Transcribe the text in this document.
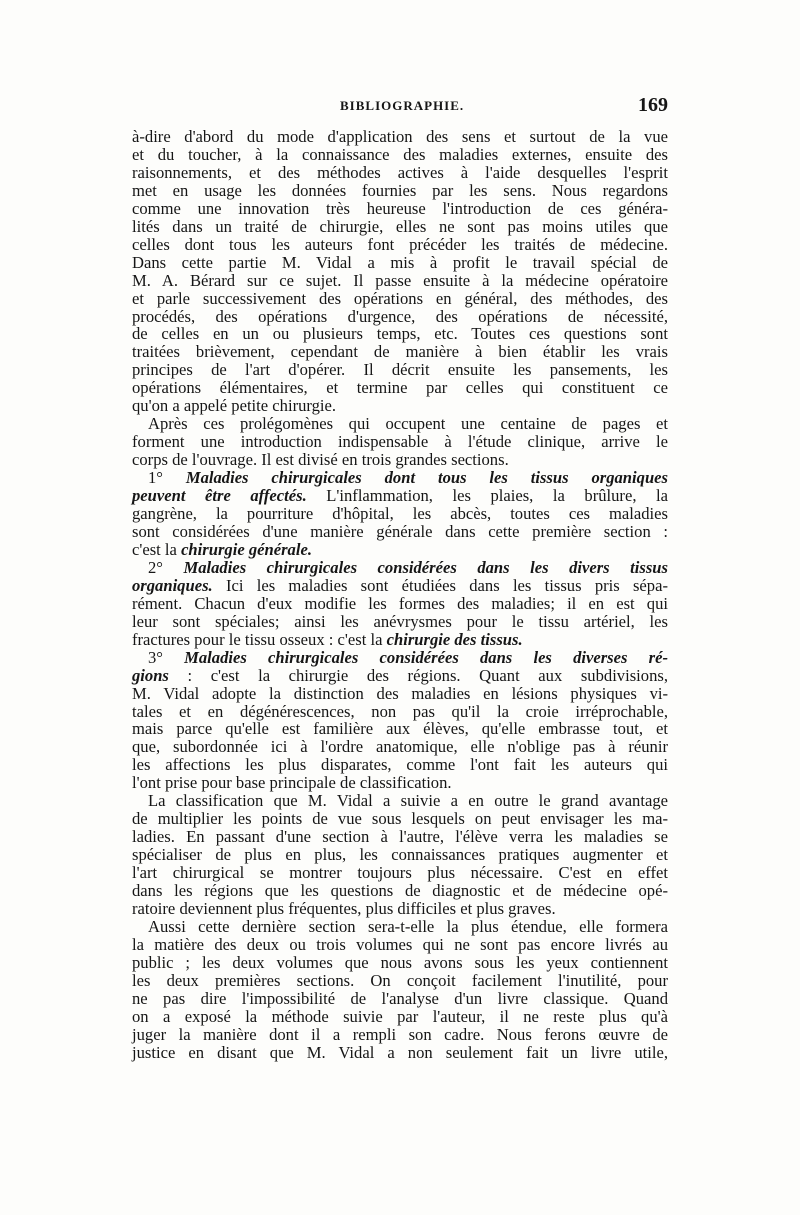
BIBLIOGRAPHIE.	169
à-dire d'abord du mode d'application des sens et surtout de la vue
et du toucher, à la connaissance des maladies externes, ensuite des
raisonnements, et des méthodes actives à l'aide desquelles l'esprit
met en usage les données fournies par les sens. Nous regardons
comme une innovation très heureuse l'introduction de ces généra-
lités dans un traité de chirurgie, elles ne sont pas moins utiles que
celles dont tous les auteurs font précéder les traités de médecine.
Dans cette partie M. Vidal a mis à profit le travail spécial de
M. A. Bérard sur ce sujet. Il passe ensuite à la médecine opératoire
et parle successivement des opérations en général, des méthodes, des
procédés, des opérations d'urgence, des opérations de nécessité,
de celles en un ou plusieurs temps, etc. Toutes ces questions sont
traitées brièvement, cependant de manière à bien établir les vrais
principes de l'art d'opérer. Il décrit ensuite les pansements, les
opérations élémentaires, et termine par celles qui constituent ce
qu'on a appelé petite chirurgie.
Après ces prolégomènes qui occupent une centaine de pages et
forment une introduction indispensable à l'étude clinique, arrive le
corps de l'ouvrage. Il est divisé en trois grandes sections.
1° Maladies chirurgicales dont tous les tissus organiques
peuvent être affectés. L'inflammation, les plaies, la brûlure, la
gangrène, la pourriture d'hôpital, les abcès, toutes ces maladies
sont considérées d'une manière générale dans cette première section :
c'est la chirurgie générale.
2° Maladies chirurgicales considérées dans les divers tissus
organiques. Ici les maladies sont étudiées dans les tissus pris sépa-
rément. Chacun d'eux modifie les formes des maladies; il en est qui
leur sont spéciales; ainsi les anévrysmes pour le tissu artériel, les
fractures pour le tissu osseux : c'est la chirurgie des tissus.
3° Maladies chirurgicales considérées dans les diverses ré-
gions : c'est la chirurgie des régions. Quant aux subdivisions,
M. Vidal adopte la distinction des maladies en lésions physiques vi-
tales et en dégénérescences, non pas qu'il la croie irréprochable,
mais parce qu'elle est familière aux élèves, qu'elle embrasse tout, et
que, subordonnée ici à l'ordre anatomique, elle n'oblige pas à réunir
les affections les plus disparates, comme l'ont fait les auteurs qui
l'ont prise pour base principale de classification.
La classification que M. Vidal a suivie a en outre le grand avantage
de multiplier les points de vue sous lesquels on peut envisager les ma-
ladies. En passant d'une section à l'autre, l'élève verra les maladies se
spécialiser de plus en plus, les connaissances pratiques augmenter et
l'art chirurgical se montrer toujours plus nécessaire. C'est en effet
dans les régions que les questions de diagnostic et de médecine opé-
ratoire deviennent plus fréquentes, plus difficiles et plus graves.
Aussi cette dernière section sera-t-elle la plus étendue, elle formera
la matière des deux ou trois volumes qui ne sont pas encore livrés au
public ; les deux volumes que nous avons sous les yeux contiennent
les deux premières sections. On conçoit facilement l'inutilité, pour
ne pas dire l'impossibilité de l'analyse d'un livre classique. Quand
on a exposé la méthode suivie par l'auteur, il ne reste plus qu'à
juger la manière dont il a rempli son cadre. Nous ferons œuvre de
justice en disant que M. Vidal a non seulement fait un livre utile,
